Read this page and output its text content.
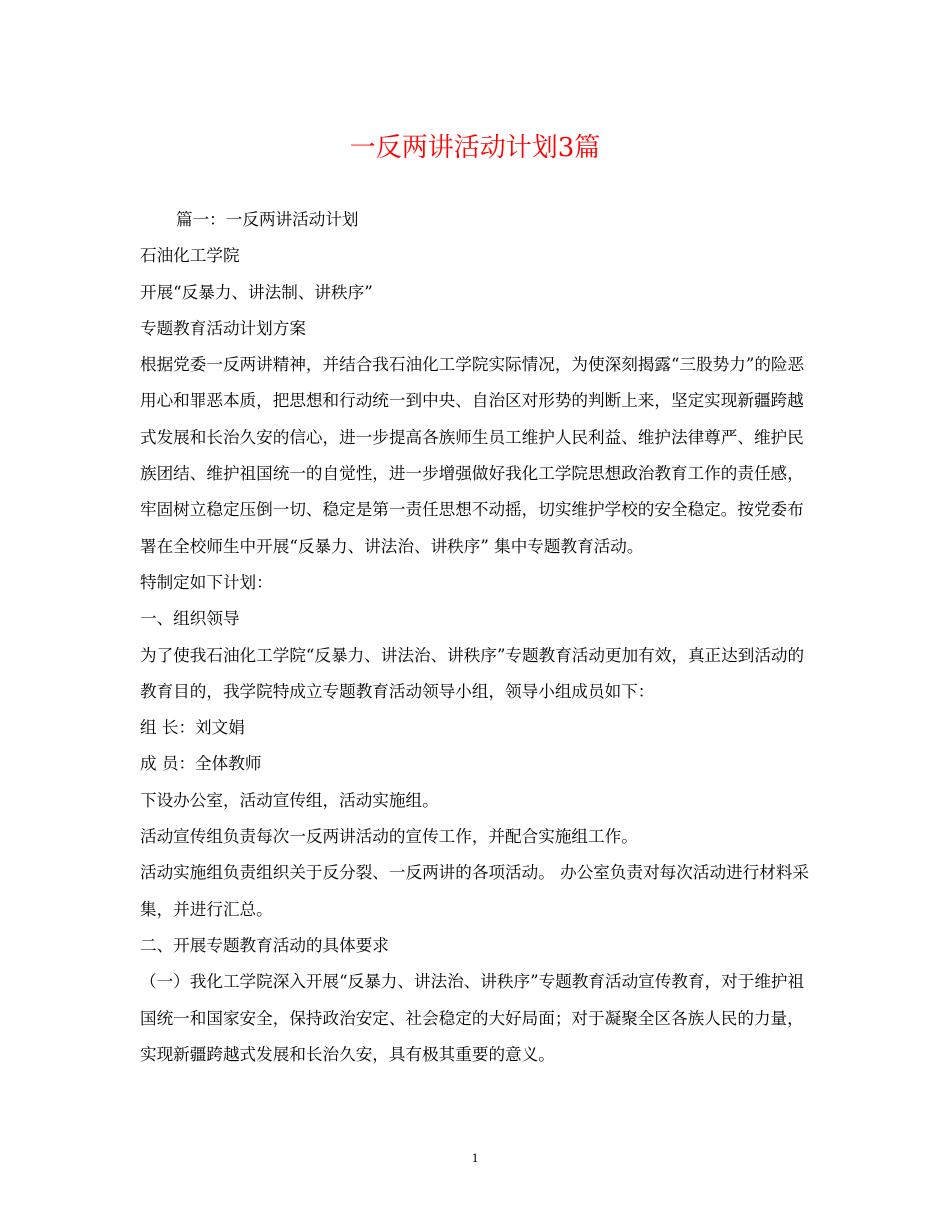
一反两讲活动计划3篇

篇一：一反两讲活动计划

石油化工学院

开展“反暴力、讲法制、讲秩序”

专题教育活动计划方案

根据党委一反两讲精神，并结合我石油化工学院实际情况，为使深刻揭露“三股势力”的险恶用心和罪恶本质，把思想和行动统一到中央、自治区对形势的判断上来，坚定实现新疆跨越式发展和长治久安的信心，进一步提高各族师生员工维护人民利益、维护法律尊严、维护民族团结、维护祖国统一的自觉性，进一步增强做好我化工学院思想政治教育工作的责任感，牢固树立稳定压倒一切、稳定是第一责任思想不动摇，切实维护学校的安全稳定。按党委布署在全校师生中开展“反暴力、讲法治、讲秩序” 集中专题教育活动。

特制定如下计划：

一、组织领导

为了使我石油化工学院“反暴力、讲法治、讲秩序”专题教育活动更加有效，真正达到活动的教育目的，我学院特成立专题教育活动领导小组，领导小组成员如下：

组 长：刘文娟

成 员：全体教师

下设办公室，活动宣传组，活动实施组。

活动宣传组负责每次一反两讲活动的宣传工作，并配合实施组工作。

活动实施组负责组织关于反分裂、一反两讲的各项活动。 办公室负责对每次活动进行材料采集，并进行汇总。

二、开展专题教育活动的具体要求

（一）我化工学院深入开展“反暴力、讲法治、讲秩序”专题教育活动宣传教育，对于维护祖国统一和国家安全，保持政治安定、社会稳定的大好局面；对于凝聚全区各族人民的力量，实现新疆跨越式发展和长治久安，具有极其重要的意义。

1
